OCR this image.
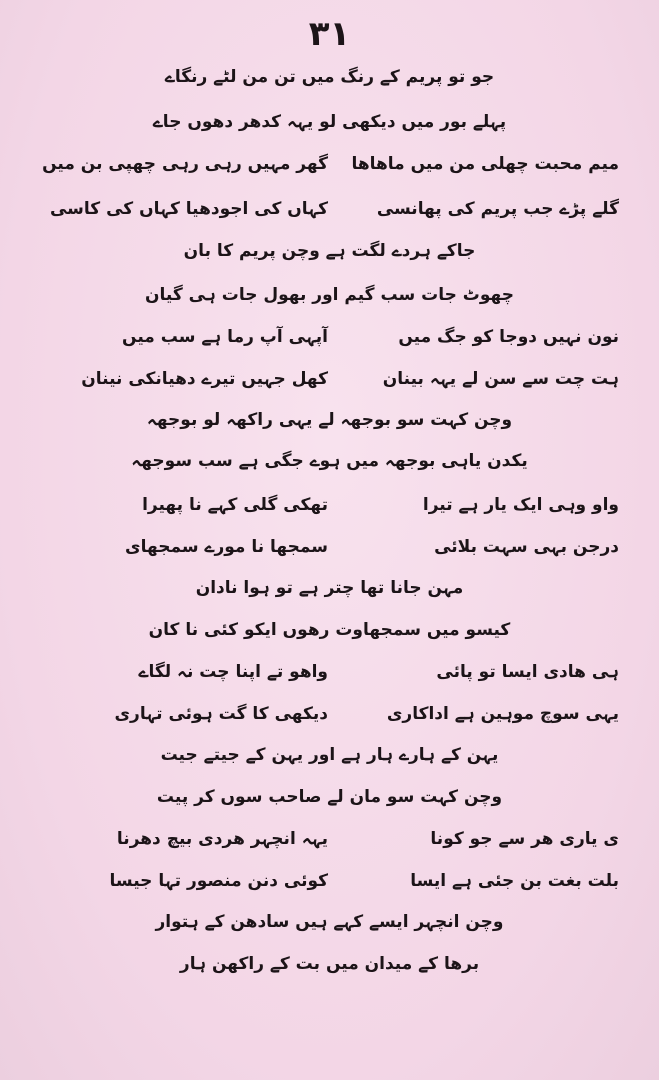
۳۱
جو تو پریم کے رنگ میں تن من لٹے رنگاے
پہلے بور میں دیکھی لو یہہ کدھر دھوں جاے
میم محبت چھلی من میں ماھاھا
گھر مہیں رہی رہی چھپی بن میں
گلے پڑے جب پریم کی پھانسی
کہاں کی اجودھیا کہاں کی کاسی
جاکے ہردے لگت ہے وچن پریم کا بان
چھوٹ جات سب گیم اور بھول جات ہی گیان
نون نہیں دوجا کو جگ میں
آپہی آپ رما ہے سب میں
ہت چت سے سن لے یہہ بینان
کھل جہیں تیرے دھیانکی نینان
وچن کہت سو بوجھہ لے یہی راکھہ لو بوجھہ
یکدن یاہی بوجھہ میں ہوے جگی ہے سب سوجھہ
واو وہی ایک یار ہے تیرا
تھکی گلی کہے نا پھیرا
درجن بہی سہت بلائی
سمجھا نا مورے سمجھای
مہن جانا تھا چتر ہے تو ہوا نادان
کیسو میں سمجھاوت رھوں ایکو کئی نا کان
ہی ھادی ایسا تو پائی
واھو تے اپنا چت نہ لگاے
یہی سوچ موہین ہے اداکاری
دیکھی کا گت ہوئی تہاری
یہن کے ہارے ہار ہے اور یہن کے جیتے جیت
وچن کہت سو مان لے صاحب سوں کر پیت
ی یاری ھر سے جو کونا
یہہ انچہر ھردی بیچ دھرنا
بلت بغت بن جئی ہے ایسا
کوئی دنن منصور تہا جیسا
وچن انچہر ایسے کہے ہیں سادھن کے ہتوار
برھا کے میدان میں بت کے راکھن ہار
